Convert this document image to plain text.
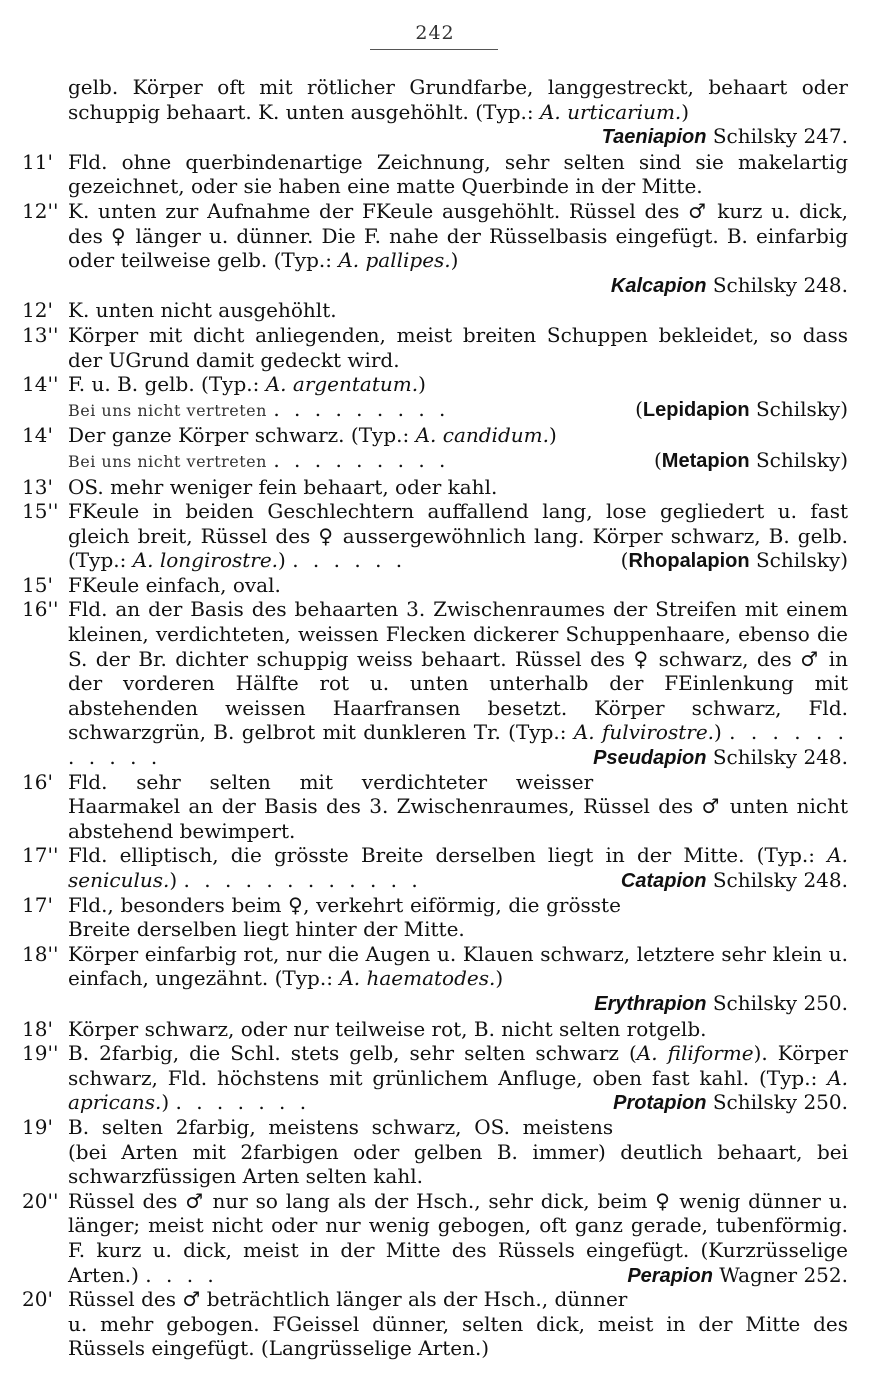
242
gelb. Körper oft mit rötlicher Grundfarbe, langgestreckt, behaart oder schuppig behaart. K. unten ausgehöhlt. (Typ.: A. urticarium.)
Taeniapion Schilsky 247.
11' Fld. ohne querbindenartige Zeichnung, sehr selten sind sie makelartig gezeichnet, oder sie haben eine matte Querbinde in der Mitte.
12'' K. unten zur Aufnahme der FKeule ausgehöhlt. Rüssel des ♂ kurz u. dick, des ♀ länger u. dünner. Die F. nahe der Rüsselbasis eingefügt. B. einfarbig oder teilweise gelb. (Typ.: A. pallipes.)
Kalcapion Schilsky 248.
12' K. unten nicht ausgehöhlt.
13'' Körper mit dicht anliegenden, meist breiten Schuppen bekleidet, so dass der UGrund damit gedeckt wird.
14'' F. u. B. gelb. (Typ.: A. argentatum.)
Bei uns nicht vertreten . . . . . . . . .	(Lepidapion Schilsky)
14' Der ganze Körper schwarz. (Typ.: A. candidum.)
Bei uns nicht vertreten . . . . . . . . .	(Metapion Schilsky)
13' OS. mehr weniger fein behaart, oder kahl.
15'' FKeule in beiden Geschlechtern auffallend lang, lose gegliedert u. fast gleich breit, Rüssel des ♀ aussergewöhnlich lang. Körper schwarz, B. gelb. (Typ.: A. longirostre.) . . . . . .	(Rhopalapion Schilsky)
15' FKeule einfach, oval.
16'' Fld. an der Basis des behaarten 3. Zwischenraumes der Streifen mit einem kleinen, verdichteten, weissen Flecken dickerer Schuppenhaare, ebenso die S. der Br. dichter schuppig weiss behaart. Rüssel des ♀ schwarz, des ♂ in der vorderen Hälfte rot u. unten unterhalb der FEinlenkung mit abstehenden weissen Haarfransen besetzt. Körper schwarz, Fld. schwarzgrün, B. gelbrot mit dunkleren Tr. (Typ.: A. fulvirostre.) . . . . . . . . . . .	Pseudapion Schilsky 248.
16' Fld. sehr selten mit verdichteter weisser Haarmakel an der Basis des 3. Zwischenraumes, Rüssel des ♂ unten nicht abstehend bewimpert.
17'' Fld. elliptisch, die grösste Breite derselben liegt in der Mitte. (Typ.: A. seniculus.) . . . . . . . . . . . .	Catapion Schilsky 248.
17' Fld., besonders beim ♀, verkehrt eiförmig, die grösste Breite derselben liegt hinter der Mitte.
18'' Körper einfarbig rot, nur die Augen u. Klauen schwarz, letztere sehr klein u. einfach, ungezähnt. (Typ.: A. haematodes.)
Erythrapion Schilsky 250.
18' Körper schwarz, oder nur teilweise rot, B. nicht selten rotgelb.
19'' B. 2farbig, die Schl. stets gelb, sehr selten schwarz (A. filiforme). Körper schwarz, Fld. höchstens mit grünlichem Anfluge, oben fast kahl. (Typ.: A. apricans.) . . . . . . .	Protapion Schilsky 250.
19' B. selten 2farbig, meistens schwarz, OS. meistens (bei Arten mit 2farbigen oder gelben B. immer) deutlich behaart, bei schwarzfüssigen Arten selten kahl.
20'' Rüssel des ♂ nur so lang als der Hsch., sehr dick, beim ♀ wenig dünner u. länger; meist nicht oder nur wenig gebogen, oft ganz gerade, tubenförmig. F. kurz u. dick, meist in der Mitte des Rüssels eingefügt. (Kurzrüsselige Arten.) . . . .	Perapion Wagner 252.
20' Rüssel des ♂ beträchtlich länger als der Hsch., dünner u. mehr gebogen. FGeissel dünner, selten dick, meist in der Mitte des Rüssels eingefügt. (Langrüsselige Arten.)
